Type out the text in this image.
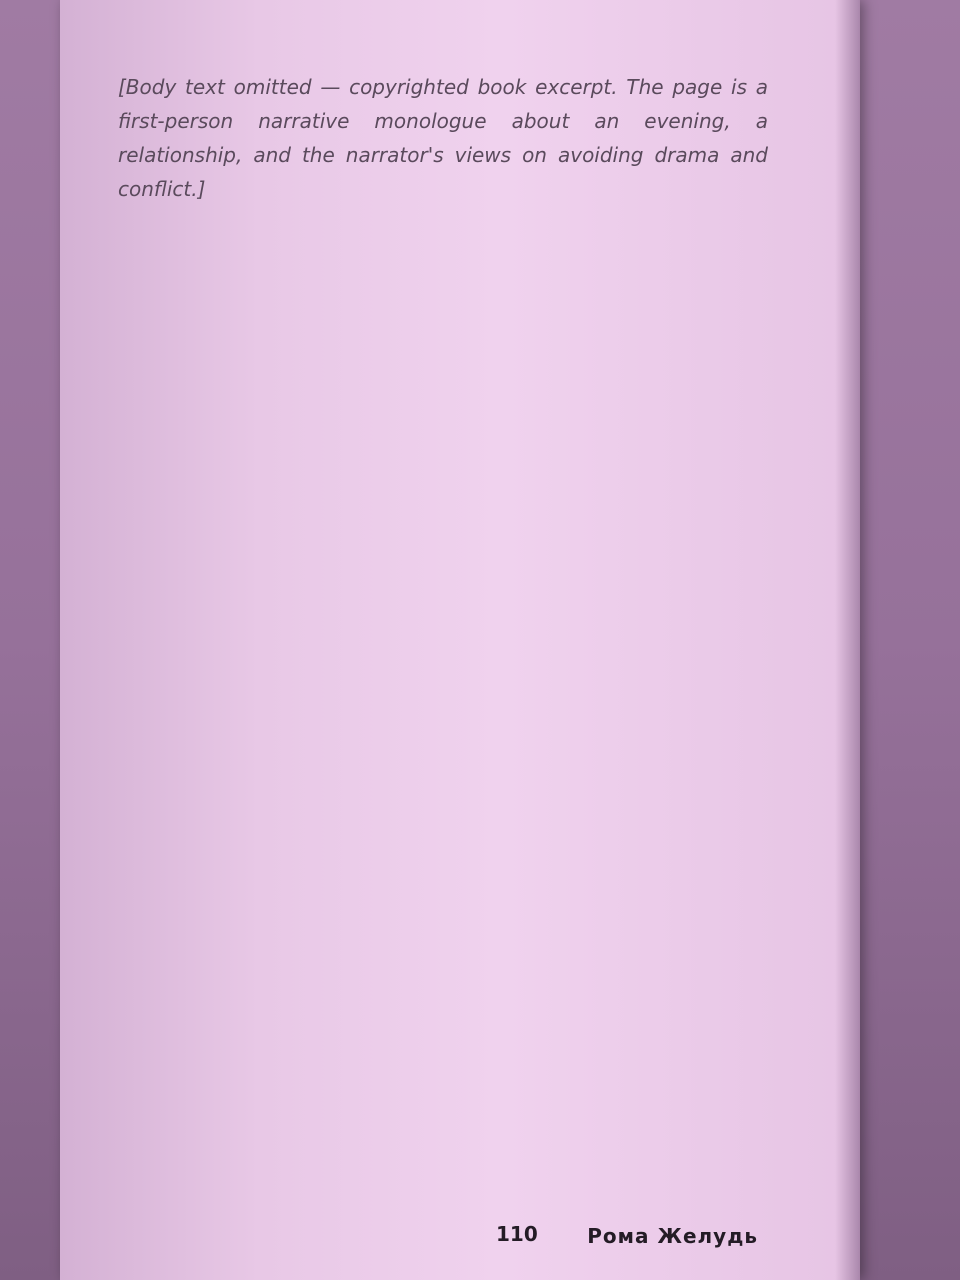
[Body text omitted — copyrighted book excerpt. The page is a first-person narrative monologue about an evening, a relationship, and the narrator's views on avoiding drama and conflict.]

110 Рома Желудь
